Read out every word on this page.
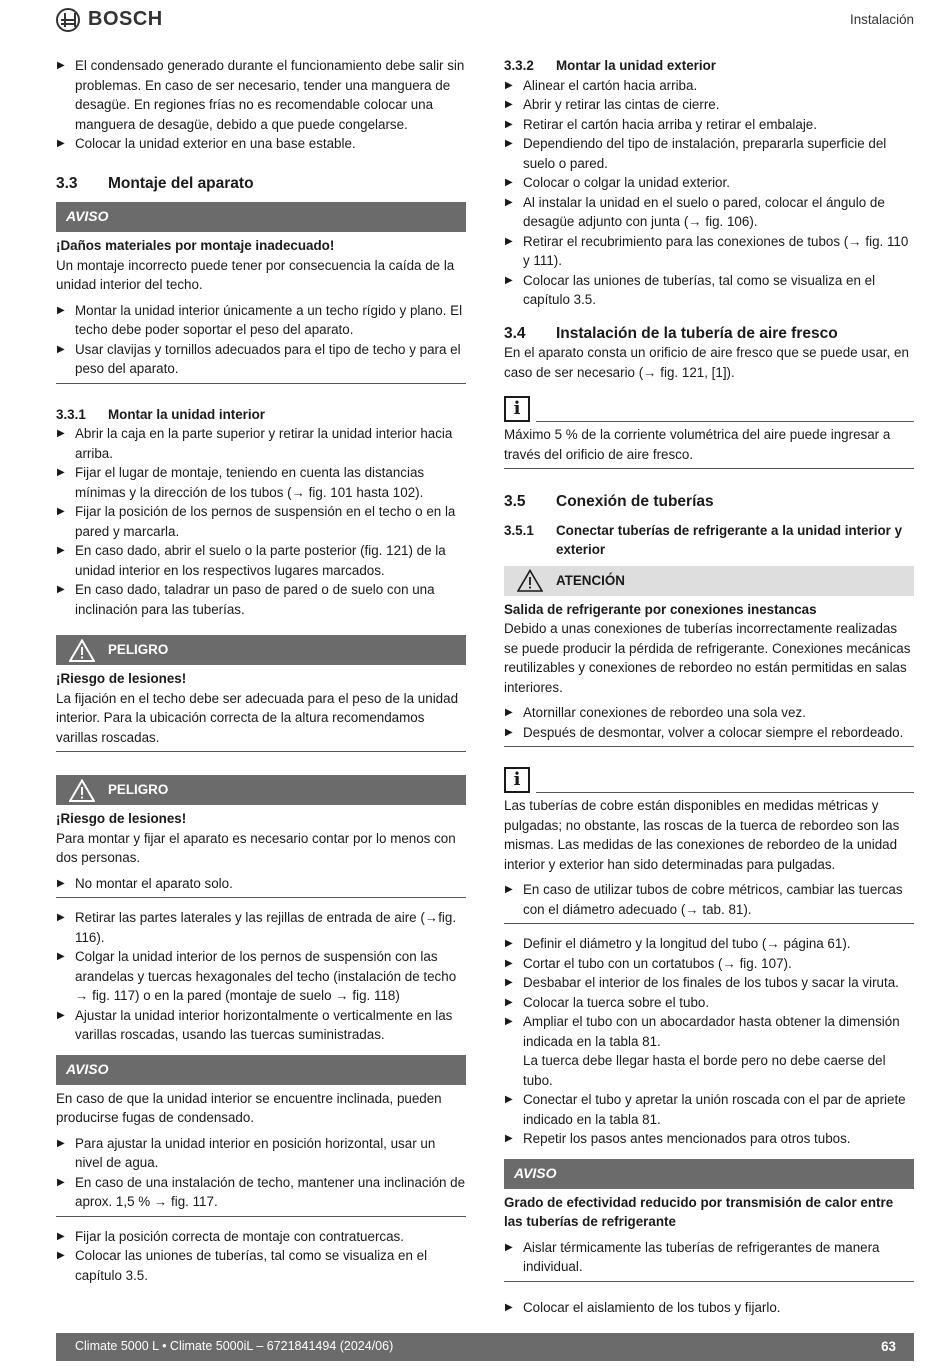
BOSCH	Instalación
▶ El condensado generado durante el funcionamiento debe salir sin problemas. En caso de ser necesario, tender una manguera de desagüe. En regiones frías no es recomendable colocar una manguera de desagüe, debido a que puede congelarse.
▶ Colocar la unidad exterior en una base estable.
3.3	Montaje del aparato
AVISO

¡Daños materiales por montaje inadecuado!

Un montaje incorrecto puede tener por consecuencia la caída de la unidad interior del techo.

▶ Montar la unidad interior únicamente a un techo rígido y plano. El techo debe poder soportar el peso del aparato.
▶ Usar clavijas y tornillos adecuados para el tipo de techo y para el peso del aparato.
3.3.1	Montar la unidad interior
▶ Abrir la caja en la parte superior y retirar la unidad interior hacia arriba.
▶ Fijar el lugar de montaje, teniendo en cuenta las distancias mínimas y la dirección de los tubos (→ fig. 101 hasta 102).
▶ Fijar la posición de los pernos de suspensión en el techo o en la pared y marcarla.
▶ En caso dado, abrir el suelo o la parte posterior (fig. 121) de la unidad interior en los respectivos lugares marcados.
▶ En caso dado, taladrar un paso de pared o de suelo con una inclinación para las tuberías.
PELIGRO

¡Riesgo de lesiones!

La fijación en el techo debe ser adecuada para el peso de la unidad interior. Para la ubicación correcta de la altura recomendamos varillas roscadas.

PELIGRO

¡Riesgo de lesiones!

Para montar y fijar el aparato es necesario contar por lo menos con dos personas.

▶ No montar el aparato solo.
▶ Retirar las partes laterales y las rejillas de entrada de aire (→fig. 116).
▶ Colgar la unidad interior de los pernos de suspensión con las arandelas y tuercas hexagonales del techo (instalación de techo → fig. 117) o en la pared (montaje de suelo → fig. 118)
▶ Ajustar la unidad interior horizontalmente o verticalmente en las varillas roscadas, usando las tuercas suministradas.
AVISO

En caso de que la unidad interior se encuentre inclinada, pueden producirse fugas de condensado.

▶ Para ajustar la unidad interior en posición horizontal, usar un nivel de agua.
▶ En caso de una instalación de techo, mantener una inclinación de aprox. 1,5 % → fig. 117.
▶ Fijar la posición correcta de montaje con contratuercas.
▶ Colocar las uniones de tuberías, tal como se visualiza en el capítulo 3.5.
3.3.2	Montar la unidad exterior
▶ Alinear el cartón hacia arriba.
▶ Abrir y retirar las cintas de cierre.
▶ Retirar el cartón hacia arriba y retirar el embalaje.
▶ Dependiendo del tipo de instalación, prepararla superficie del suelo o pared.
▶ Colocar o colgar la unidad exterior.
▶ Al instalar la unidad en el suelo o pared, colocar el ángulo de desagüe adjunto con junta (→ fig. 106).
▶ Retirar el recubrimiento para las conexiones de tubos (→ fig. 110 y 111).
▶ Colocar las uniones de tuberías, tal como se visualiza en el capítulo 3.5.
3.4	Instalación de la tubería de aire fresco

En el aparato consta un orificio de aire fresco que se puede usar, en caso de ser necesario (→ fig. 121, [1]).

i

Máximo 5 % de la corriente volumétrica del aire puede ingresar a través del orificio de aire fresco.

3.5	Conexión de tuberías
3.5.1	Conectar tuberías de refrigerante a la unidad interior y exterior
ATENCIÓN

Salida de refrigerante por conexiones inestancas

Debido a unas conexiones de tuberías incorrectamente realizadas se puede producir la pérdida de refrigerante. Conexiones mecánicas reutilizables y conexiones de rebordeo no están permitidas en salas interiores.

▶ Atornillar conexiones de rebordeo una sola vez.
▶ Después de desmontar, volver a colocar siempre el rebordeado.
i

Las tuberías de cobre están disponibles en medidas métricas y pulgadas; no obstante, las roscas de la tuerca de rebordeo son las mismas. Las medidas de las conexiones de rebordeo de la unidad interior y exterior han sido determinadas para pulgadas.

▶ En caso de utilizar tubos de cobre métricos, cambiar las tuercas con el diámetro adecuado (→ tab. 81).
▶ Definir el diámetro y la longitud del tubo (→ página 61).
▶ Cortar el tubo con un cortatubos (→ fig. 107).
▶ Desbabar el interior de los finales de los tubos y sacar la viruta.
▶ Colocar la tuerca sobre el tubo.
▶ Ampliar el tubo con un abocardador hasta obtener la dimensión indicada en la tabla 81.
La tuerca debe llegar hasta el borde pero no debe caerse del tubo.
▶ Conectar el tubo y apretar la unión roscada con el par de apriete indicado en la tabla 81.
▶ Repetir los pasos antes mencionados para otros tubos.
AVISO

Grado de efectividad reducido por transmisión de calor entre las tuberías de refrigerante

▶ Aislar térmicamente las tuberías de refrigerantes de manera individual.
▶ Colocar el aislamiento de los tubos y fijarlo.
Climate 5000 L • Climate 5000iL – 6721841494 (2024/06)	63
